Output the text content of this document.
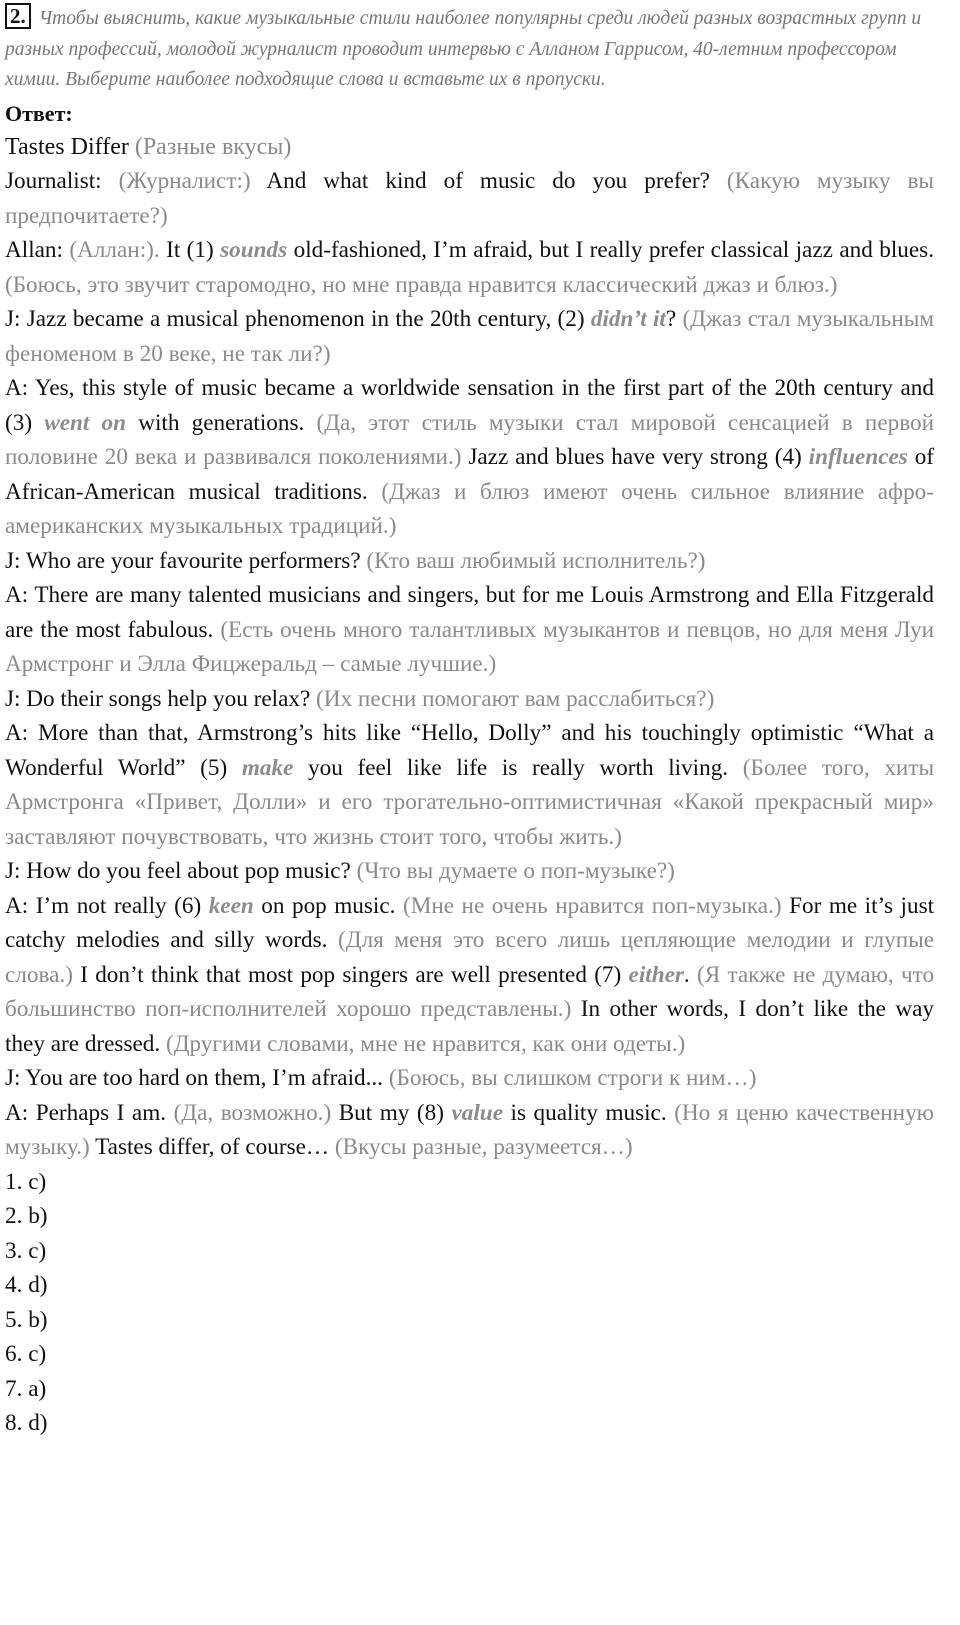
2. Чтобы выяснить, какие музыкальные стили наиболее популярны среди людей разных возрастных групп и разных профессий, молодой журналист проводит интервью с Алланом Гаррисом, 40-летним профессором химии. Выберите наиболее подходящие слова и вставьте их в пропуски.

Ответ:

Tastes Differ (Разные вкусы)

Journalist: (Журналист:) And what kind of music do you prefer? (Какую музыку вы предпочитаете?)

Allan: (Аллан:). It (1) sounds old-fashioned, I’m afraid, but I really prefer classical jazz and blues. (Боюсь, это звучит старомодно, но мне правда нравится классический джаз и блюз.)

J: Jazz became a musical phenomenon in the 20th century, (2) didn’t it? (Джаз стал музыкальным феноменом в 20 веке, не так ли?)

A: Yes, this style of music became a worldwide sensation in the first part of the 20th century and (3) went on with generations. (Да, этот стиль музыки стал мировой сенсацией в первой половине 20 века и развивался поколениями.) Jazz and blues have very strong (4) influences of African-American musical traditions. (Джаз и блюз имеют очень сильное влияние афро-американских музыкальных традиций.)

J: Who are your favourite performers? (Кто ваш любимый исполнитель?)

A: There are many talented musicians and singers, but for me Louis Armstrong and Ella Fitzgerald are the most fabulous. (Есть очень много талантливых музыкантов и певцов, но для меня Луи Армстронг и Элла Фицжеральд – самые лучшие.)

J: Do their songs help you relax? (Их песни помогают вам расслабиться?)

A: More than that, Armstrong’s hits like “Hello, Dolly” and his touchingly optimistic “What a Wonderful World” (5) make you feel like life is really worth living. (Более того, хиты Армстронга «Привет, Долли» и его трогательно-оптимистичная «Какой прекрасный мир» заставляют почувствовать, что жизнь стоит того, чтобы жить.)

J: How do you feel about pop music? (Что вы думаете о поп-музыке?)

A: I’m not really (6) keen on pop music. (Мне не очень нравится поп-музыка.) For me it’s just catchy melodies and silly words. (Для меня это всего лишь цепляющие мелодии и глупые слова.) I don’t think that most pop singers are well presented (7) either. (Я также не думаю, что большинство поп-исполнителей хорошо представлены.) In other words, I don’t like the way they are dressed. (Другими словами, мне не нравится, как они одеты.)

J: You are too hard on them, I’m afraid... (Боюсь, вы слишком строги к ним…)

A: Perhaps I am. (Да, возможно.) But my (8) value is quality music. (Но я ценю качественную музыку.) Tastes differ, of course… (Вкусы разные, разумеется…)

1. c)

2. b)

3. c)

4. d)

5. b)

6. c)

7. a)

8. d)
